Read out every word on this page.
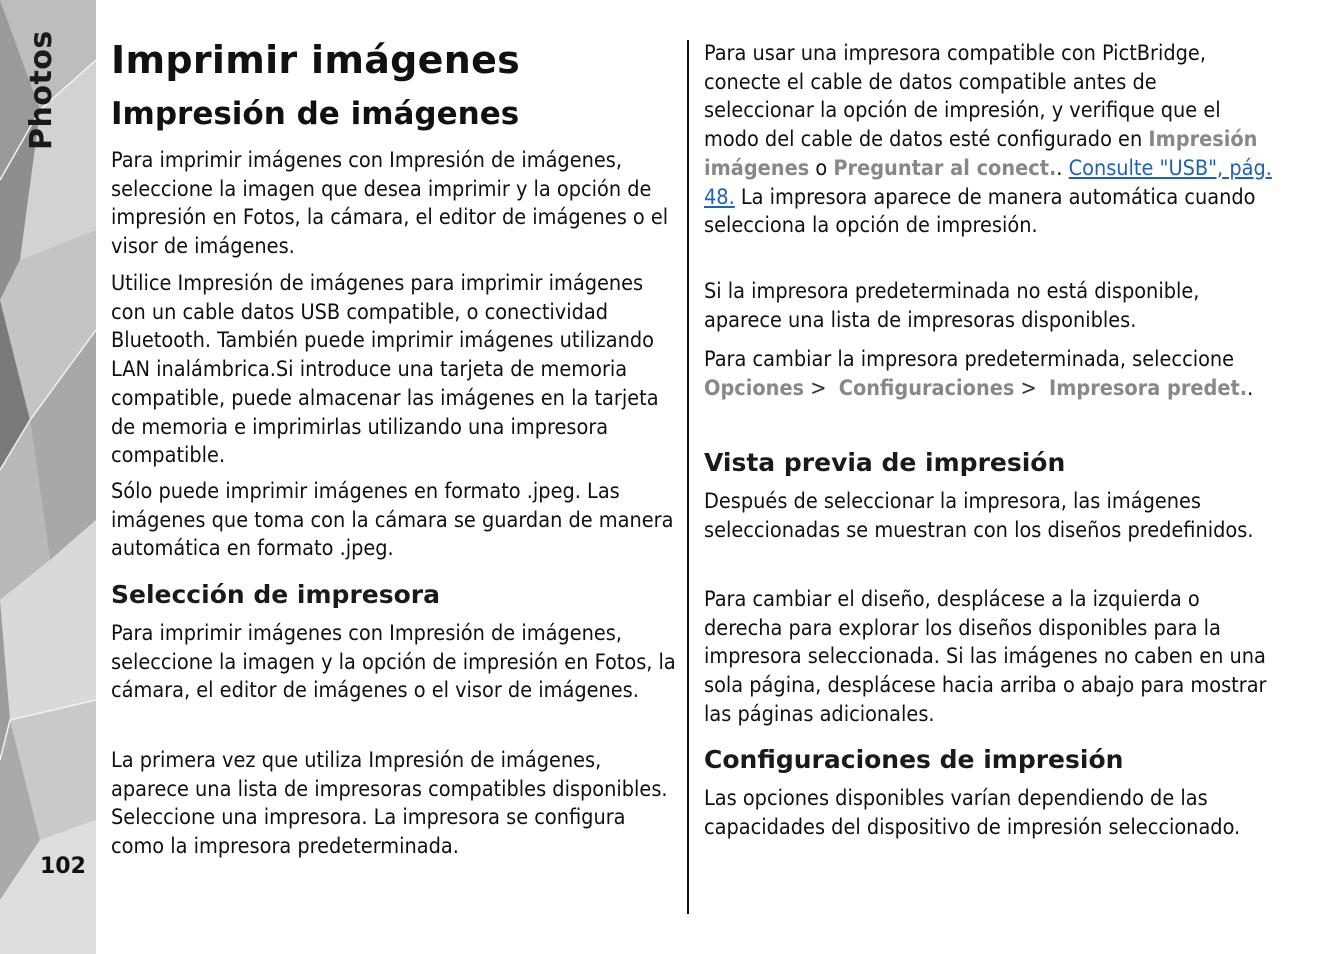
Photos
102
Imprimir imágenes
Impresión de imágenes

Para imprimir imágenes con Impresión de imágenes, seleccione la imagen que desea imprimir y la opción de impresión en Fotos, la cámara, el editor de imágenes o el visor de imágenes.

Utilice Impresión de imágenes para imprimir imágenes con un cable datos USB compatible, o conectividad Bluetooth. También puede imprimir imágenes utilizando LAN inalámbrica.Si introduce una tarjeta de memoria compatible, puede almacenar las imágenes en la tarjeta de memoria e imprimirlas utilizando una impresora compatible.

Sólo puede imprimir imágenes en formato .jpeg. Las imágenes que toma con la cámara se guardan de manera automática en formato .jpeg.

Selección de impresora

Para imprimir imágenes con Impresión de imágenes, seleccione la imagen y la opción de impresión en Fotos, la cámara, el editor de imágenes o el visor de imágenes.

La primera vez que utiliza Impresión de imágenes, aparece una lista de impresoras compatibles disponibles. Seleccione una impresora. La impresora se configura como la impresora predeterminada.

Para usar una impresora compatible con PictBridge, conecte el cable de datos compatible antes de seleccionar la opción de impresión, y verifique que el modo del cable de datos esté configurado en Impresión imágenes o Preguntar al conect.. Consulte "USB", pág. 48. La impresora aparece de manera automática cuando selecciona la opción de impresión.

Si la impresora predeterminada no está disponible, aparece una lista de impresoras disponibles.

Para cambiar la impresora predeterminada, seleccione Opciones > Configuraciones > Impresora predet..

Vista previa de impresión

Después de seleccionar la impresora, las imágenes seleccionadas se muestran con los diseños predefinidos.

Para cambiar el diseño, desplácese a la izquierda o derecha para explorar los diseños disponibles para la impresora seleccionada. Si las imágenes no caben en una sola página, desplácese hacia arriba o abajo para mostrar las páginas adicionales.

Configuraciones de impresión

Las opciones disponibles varían dependiendo de las capacidades del dispositivo de impresión seleccionado.
